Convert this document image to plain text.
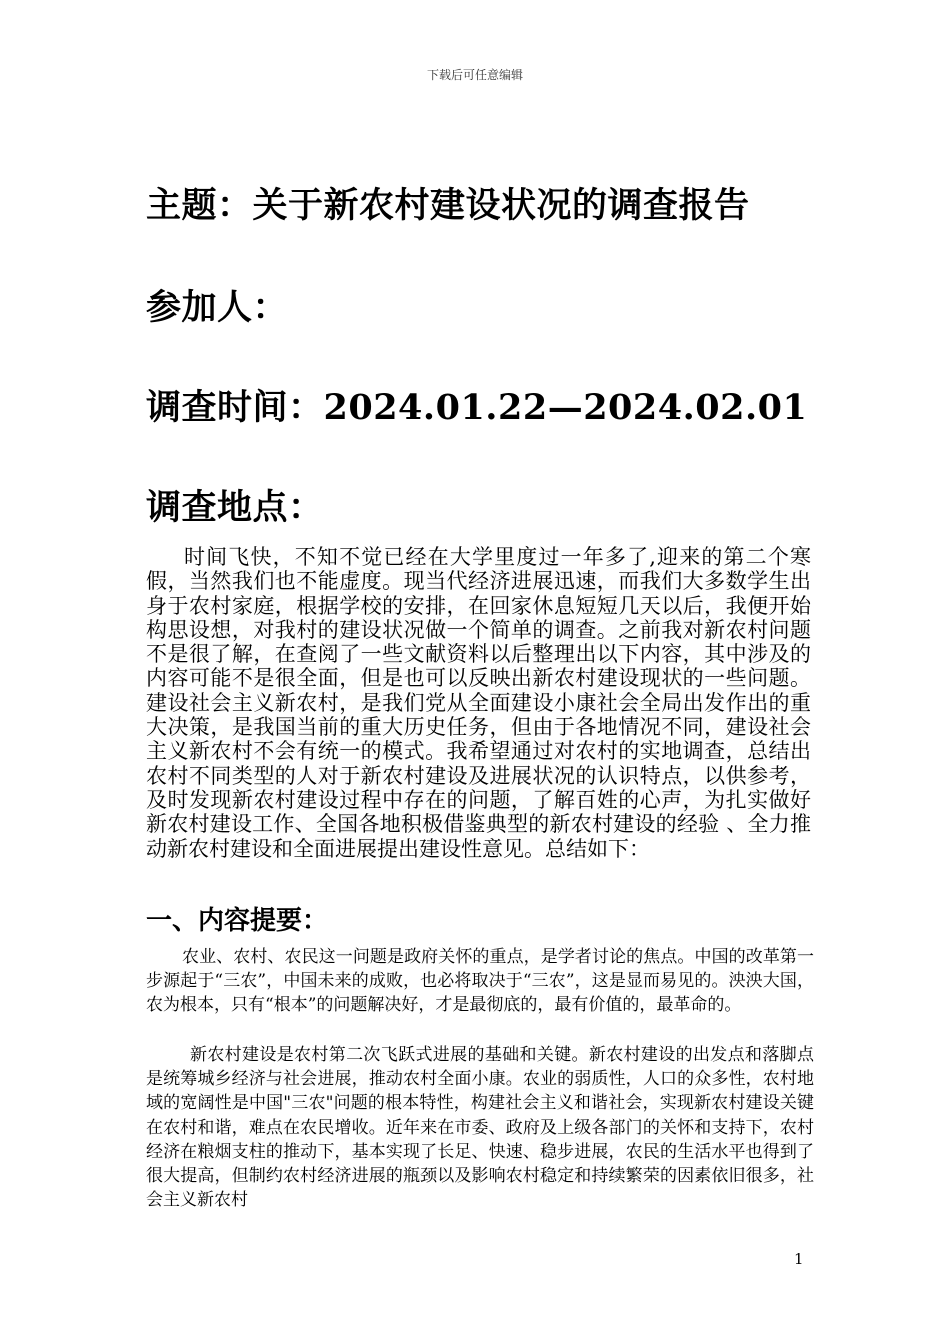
下载后可任意编辑
主题：关于新农村建设状况的调查报告
参加人：
调查时间：2024.01.22—2024.02.01
调查地点：

时间飞快，不知不觉已经在大学里度过一年多了,迎来的第二个寒假，当然我们也不能虚度。现当代经济进展迅速，而我们大多数学生出身于农村家庭，根据学校的安排，在回家休息短短几天以后，我便开始构思设想，对我村的建设状况做一个简单的调查。之前我对新农村问题不是很了解，在查阅了一些文献资料以后整理出以下内容，其中涉及的内容可能不是很全面，但是也可以反映出新农村建设现状的一些问题。建设社会主义新农村，是我们党从全面建设小康社会全局出发作出的重大决策，是我国当前的重大历史任务，但由于各地情况不同，建设社会主义新农村不会有统一的模式。我希望通过对农村的实地调查，总结出农村不同类型的人对于新农村建设及进展状况的认识特点，以供参考，及时发现新农村建设过程中存在的问题，了解百姓的心声，为扎实做好新农村建设工作、全国各地积极借鉴典型的新农村建设的经验 、全力推动新农村建设和全面进展提出建设性意见。总结如下：

一、内容提要：

农业、农村、农民这一问题是政府关怀的重点，是学者讨论的焦点。中国的改革第一步源起于“三农”，中国未来的成败，也必将取决于“三农”，这是显而易见的。泱泱大国，农为根本，只有“根本”的问题解决好，才是最彻底的，最有价值的，最革命的。

新农村建设是农村第二次飞跃式进展的基础和关键。新农村建设的出发点和落脚点是统筹城乡经济与社会进展，推动农村全面小康。农业的弱质性，人口的众多性，农村地域的宽阔性是中国"三农"问题的根本特性，构建社会主义和谐社会，实现新农村建设关键在农村和谐，难点在农民增收。近年来在市委、政府及上级各部门的关怀和支持下，农村经济在粮烟支柱的推动下，基本实现了长足、快速、稳步进展，农民的生活水平也得到了很大提高，但制约农村经济进展的瓶颈以及影响农村稳定和持续繁荣的因素依旧很多，社会主义新农村

1
